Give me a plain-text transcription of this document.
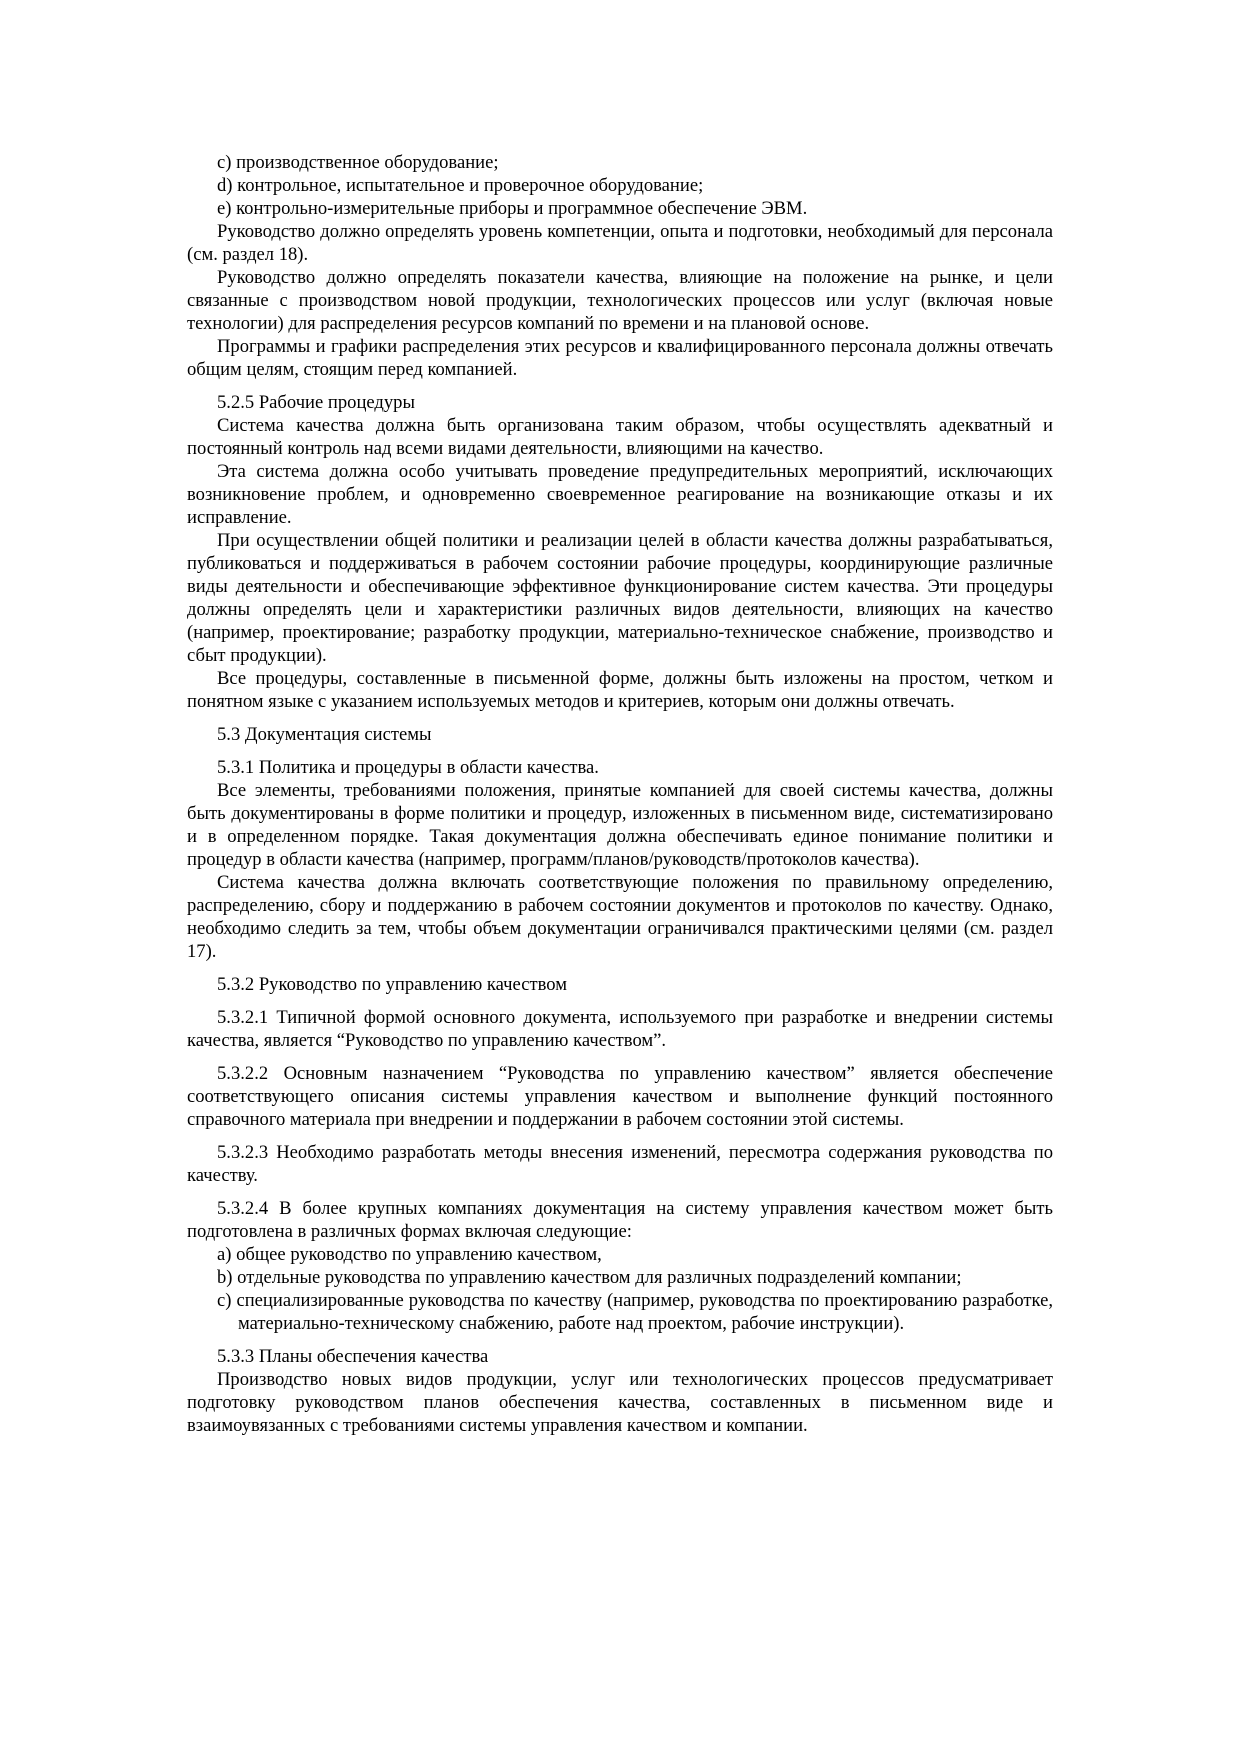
c) производственное оборудование;

d) контрольное, испытательное и проверочное оборудование;

e) контрольно-измерительные приборы и программное обеспечение ЭВМ.

Руководство должно определять уровень компетенции, опыта и подготовки, необходимый для персонала (см. раздел 18).

Руководство должно определять показатели качества, влияющие на положение на рынке, и цели связанные с производством новой продукции, технологических процессов или услуг (включая новые технологии) для распределения ресурсов компаний по времени и на плановой основе.

Программы и графики распределения этих ресурсов и квалифицированного персонала должны отвечать общим целям, стоящим перед компанией.

5.2.5 Рабочие процедуры

Система качества должна быть организована таким образом, чтобы осуществлять адекватный и постоянный контроль над всеми видами деятельности, влияющими на качество.

Эта система должна особо учитывать проведение предупредительных мероприятий, исключающих возникновение проблем, и одновременно своевременное реагирование на возникающие отказы и их исправление.

При осуществлении общей политики и реализации целей в области качества должны разрабатываться, публиковаться и поддерживаться в рабочем состоянии рабочие процедуры, координирующие различные виды деятельности и обеспечивающие эффективное функционирование систем качества. Эти процедуры должны определять цели и характеристики различных видов деятельности, влияющих на качество (например, проектирование; разработку продукции, материально-техническое снабжение, производство и сбыт продукции).

Все процедуры, составленные в письменной форме, должны быть изложены на простом, четком и понятном языке с указанием используемых методов и критериев, которым они должны отвечать.

5.3 Документация системы

5.3.1 Политика и процедуры в области качества.

Все элементы, требованиями положения, принятые компанией для своей системы качества, должны быть документированы в форме политики и процедур, изложенных в письменном виде, систематизировано и в определенном порядке. Такая документация должна обеспечивать единое понимание политики и процедур в области качества (например, программ/планов/руководств/протоколов качества).

Система качества должна включать соответствующие положения по правильному определению, распределению, сбору и поддержанию в рабочем состоянии документов и протоколов по качеству. Однако, необходимо следить за тем, чтобы объем документации ограничивался практическими целями (см. раздел 17).

5.3.2 Руководство по управлению качеством

5.3.2.1 Типичной формой основного документа, используемого при разработке и внедрении системы качества, является “Руководство по управлению качеством”.

5.3.2.2 Основным назначением “Руководства по управлению качеством” является обеспечение соответствующего описания системы управления качеством и выполнение функций постоянного справочного материала при внедрении и поддержании в рабочем состоянии этой системы.

5.3.2.3 Необходимо разработать методы внесения изменений, пересмотра содержания руководства по качеству.

5.3.2.4 В более крупных компаниях документация на систему управления качеством может быть подготовлена в различных формах включая следующие:

a) общее руководство по управлению качеством,

b) отдельные руководства по управлению качеством для различных подразделений компании;

c) специализированные руководства по качеству (например, руководства по проектированию разработке, материально-техническому снабжению, работе над проектом, рабочие инструкции).

5.3.3 Планы обеспечения качества

Производство новых видов продукции, услуг или технологических процессов предусматривает подготовку руководством планов обеспечения качества, составленных в письменном виде и взаимоувязанных с требованиями системы управления качеством и компании.
